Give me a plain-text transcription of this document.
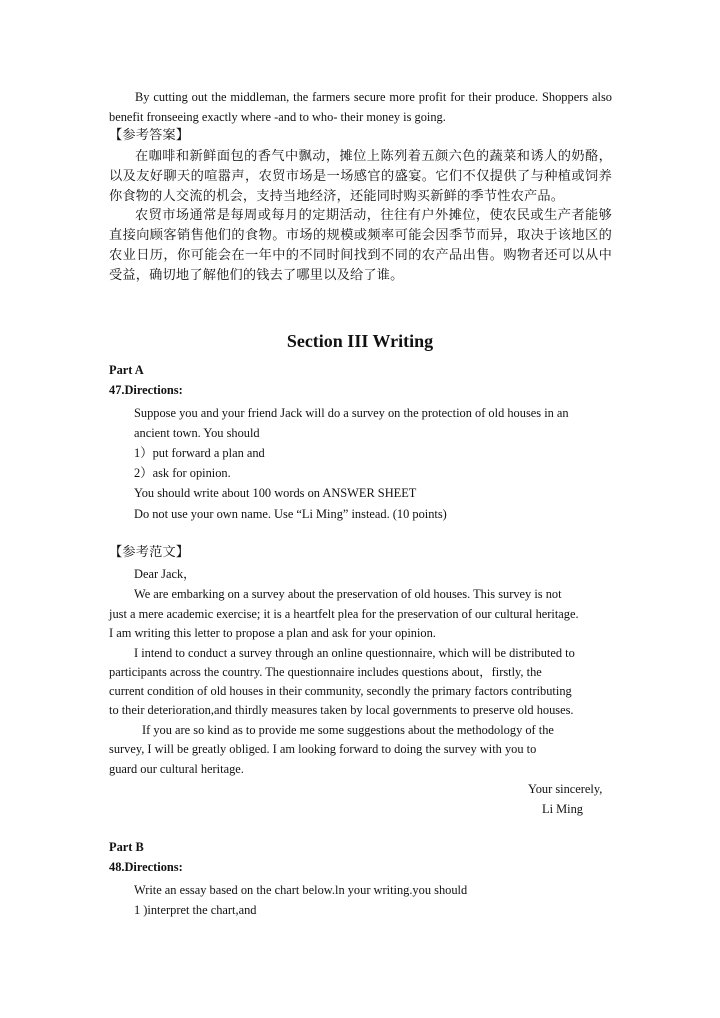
By cutting out the middleman, the farmers secure more profit for their produce. Shoppers also benefit fronseeing exactly where -and to who- their money is going.

【参考答案】

在咖啡和新鲜面包的香气中飘动，摊位上陈列着五颜六色的蔬菜和诱人的奶酪，以及友好聊天的喧嚣声，农贸市场是一场感官的盛宴。它们不仅提供了与种植或饲养你食物的人交流的机会，支持当地经济，还能同时购买新鲜的季节性农产品。

农贸市场通常是每周或每月的定期活动，往往有户外摊位，使农民或生产者能够直接向顾客销售他们的食物。市场的规模或频率可能会因季节而异，取决于该地区的农业日历，你可能会在一年中的不同时间找到不同的农产品出售。购物者还可以从中受益，确切地了解他们的钱去了哪里以及给了谁。

Section III Writing
Part A
47.Directions:
Suppose you and your friend Jack will do a survey on the protection of old houses in an
ancient town. You should
1）put forward a plan and
2）ask for opinion.
You should write about 100 words on ANSWER SHEET
Do not use your own name. Use “Li Ming” instead. (10 points)
【参考范文】
Dear Jack，
We are embarking on a survey about the preservation of old houses. This survey is not
just a mere academic exercise; it is a heartfelt plea for the preservation of our cultural heritage.
I am writing this letter to propose a plan and ask for your opinion.
I intend to conduct a survey through an online questionnaire, which will be distributed to
participants across the country. The questionnaire includes questions about，firstly, the
current condition of old houses in their community, secondly the primary factors contributing
to their deterioration,and thirdly measures taken by local governments to preserve old houses.
If you are so kind as to provide me some suggestions about the methodology of the
survey, I will be greatly obliged. I am looking forward to doing the survey with you to
guard our cultural heritage.
Your sincerely,
Li Ming
Part B
48.Directions:
Write an essay based on the chart below.ln your writing.you should
1 )interpret the chart,and
